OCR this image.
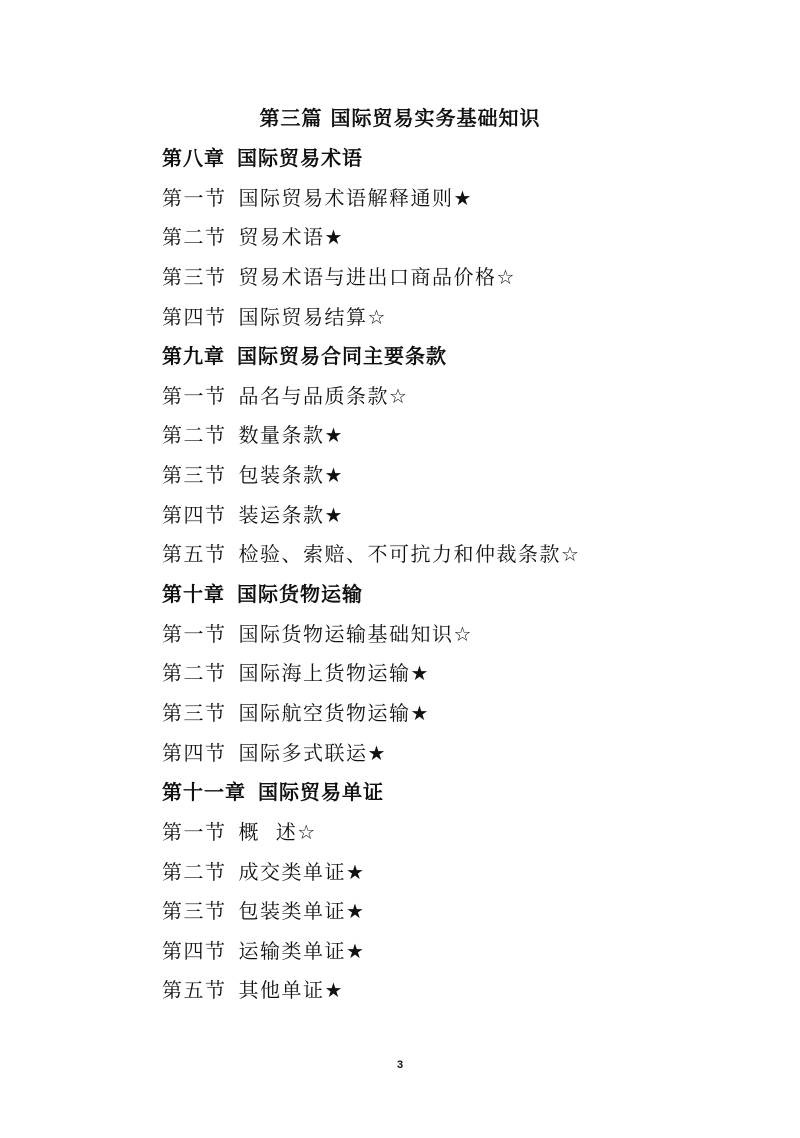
第三篇 国际贸易实务基础知识
第八章 国际贸易术语
第一节 国际贸易术语解释通则★
第二节 贸易术语★
第三节 贸易术语与进出口商品价格☆
第四节 国际贸易结算☆
第九章 国际贸易合同主要条款
第一节 品名与品质条款☆
第二节 数量条款★
第三节 包装条款★
第四节 装运条款★
第五节 检验、索赔、不可抗力和仲裁条款☆
第十章 国际货物运输
第一节 国际货物运输基础知识☆
第二节 国际海上货物运输★
第三节 国际航空货物运输★
第四节 国际多式联运★
第十一章 国际贸易单证
第一节 概  述☆
第二节 成交类单证★
第三节 包装类单证★
第四节 运输类单证★
第五节 其他单证★
3
